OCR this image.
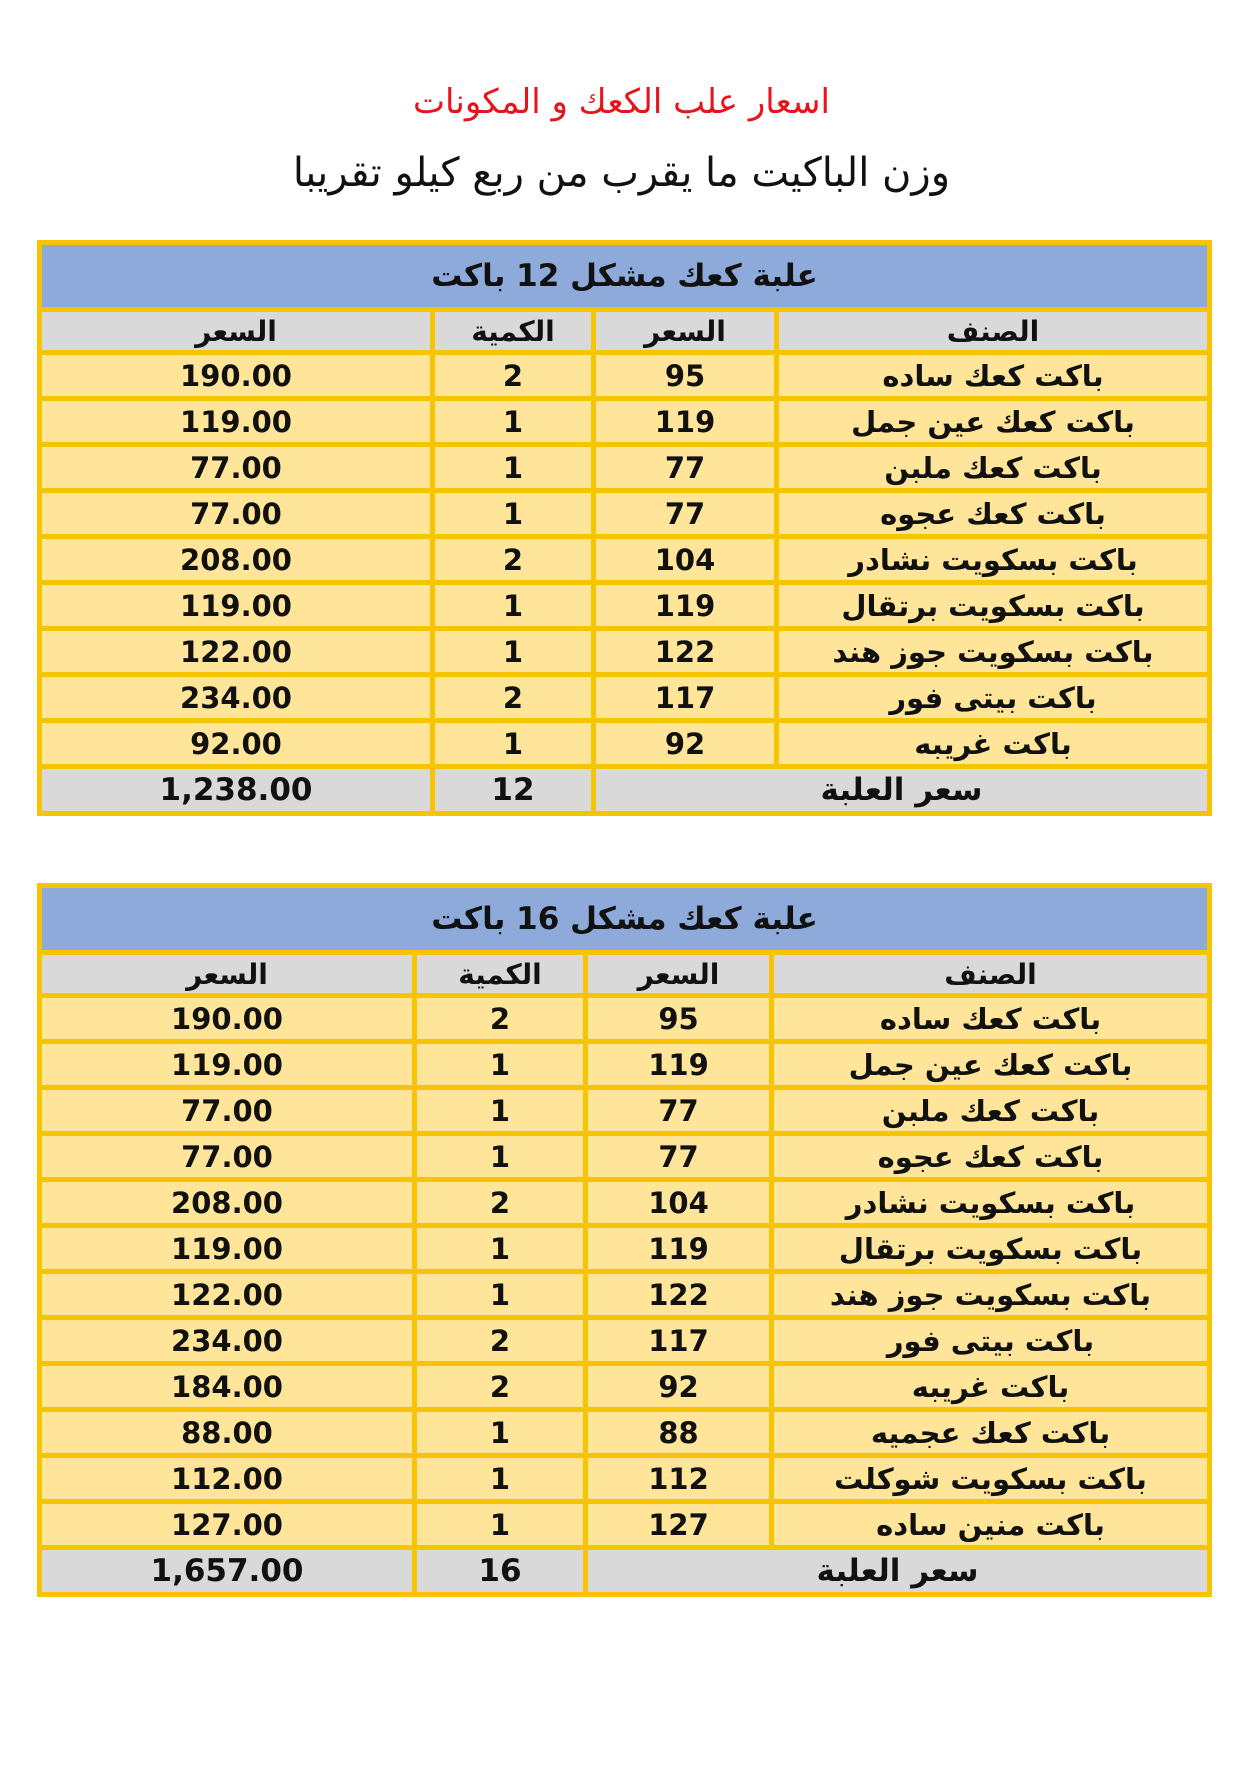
اسعار علب الكعك و المكونات
وزن الباكيت ما يقرب من ربع كيلو تقريبا
علبة كعك مشكل 12 باكت			
الصنف	السعر	الكمية	السعر
باكت كعك ساده	95	2	190.00
باكت كعك عين جمل	119	1	119.00
باكت كعك ملبن	77	1	77.00
باكت كعك عجوه	77	1	77.00
باكت بسكويت نشادر	104	2	208.00
باكت بسكويت برتقال	119	1	119.00
باكت بسكويت جوز هند	122	1	122.00
باكت بيتى فور	117	2	234.00
باكت غريبه	92	1	92.00
سعر العلبة		12	1,238.00
علبة كعك مشكل 16 باكت			
الصنف	السعر	الكمية	السعر
باكت كعك ساده	95	2	190.00
باكت كعك عين جمل	119	1	119.00
باكت كعك ملبن	77	1	77.00
باكت كعك عجوه	77	1	77.00
باكت بسكويت نشادر	104	2	208.00
باكت بسكويت برتقال	119	1	119.00
باكت بسكويت جوز هند	122	1	122.00
باكت بيتى فور	117	2	234.00
باكت غريبه	92	2	184.00
باكت كعك عجميه	88	1	88.00
باكت بسكويت شوكلت	112	1	112.00
باكت منين ساده	127	1	127.00
سعر العلبة		16	1,657.00
